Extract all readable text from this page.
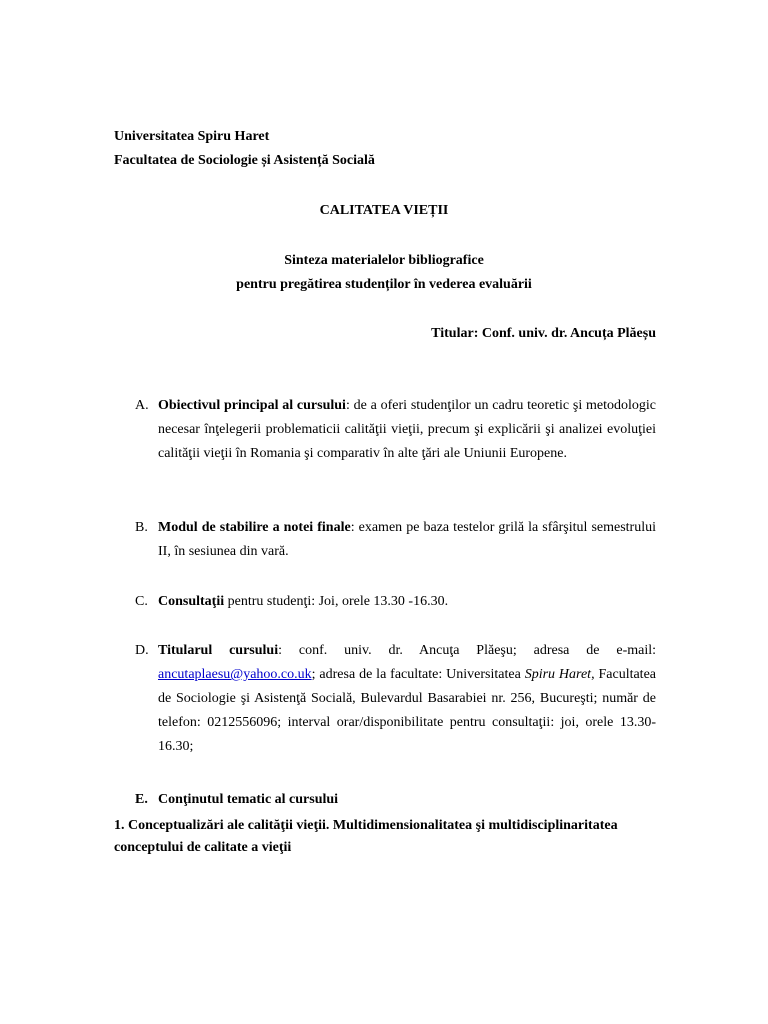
Universitatea Spiru Haret
Facultatea de Sociologie și Asistență Socială
CALITATEA VIEȚII
Sinteza materialelor bibliografice
pentru pregătirea studenților în vederea evaluării
Titular: Conf. univ. dr. Ancuța Plăeșu
A. Obiectivul principal al cursului: de a oferi studenţilor un cadru teoretic şi metodologic necesar înţelegerii problematicii calităţii vieţii, precum şi explicării şi analizei evoluţiei calităţii vieţii în Romania şi comparativ în alte ţări ale Uniunii Europene.

B. Modul de stabilire a notei finale: examen pe baza testelor grilă la sfârşitul semestrului II, în sesiunea din vară.

C. Consultaţii pentru studenţi: Joi, orele 13.30 -16.30.

D. Titularul cursului: conf. univ. dr. Ancuţa Plăeşu; adresa de e-mail: ancutaplaesu@yahoo.co.uk; adresa de la facultate: Universitatea Spiru Haret, Facultatea de Sociologie şi Asistenţă Socială, Bulevardul Basarabiei nr. 256, Bucureşti; număr de telefon: 0212556096; interval orar/disponibilitate pentru consultaţii: joi, orele 13.30-16.30;

E. Conţinutul tematic al cursului
1. Conceptualizări ale calităţii vieţii. Multidimensionalitatea şi multidisciplinaritatea
conceptului de calitate a vieţii
